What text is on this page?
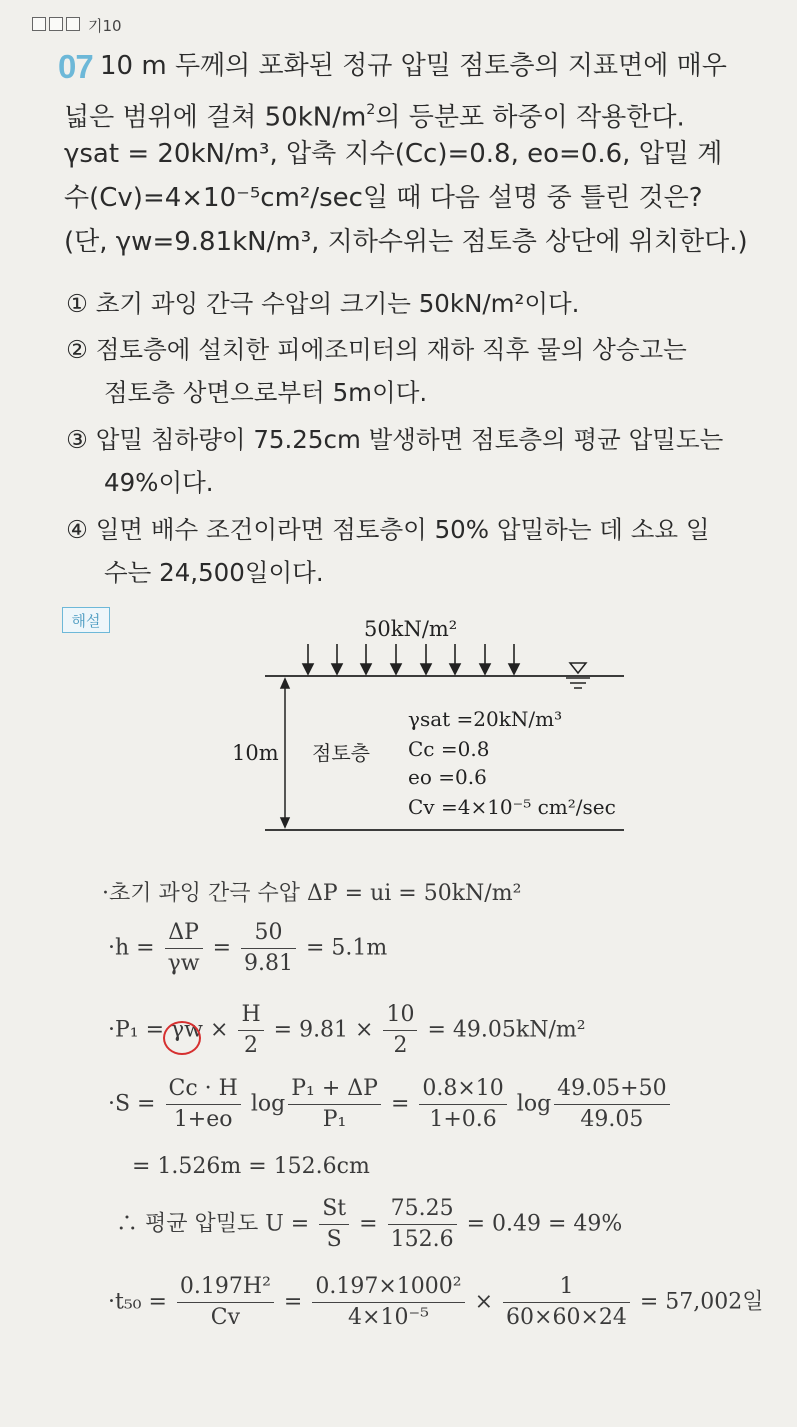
기10
07 10 m 두께의 포화된 정규 압밀 점토층의 지표면에 매우
넓은 범위에 걸쳐 $50kN/m^2$의 등분포 하중이 작용한다.
γsat = 20kN/m³, 압축 지수(Cc)=0.8, eo=0.6, 압밀 계
수(Cv)=4×10⁻⁵cm²/sec일 때 다음 설명 중 틀린 것은?
(단, γw=9.81kN/m³, 지하수위는 점토층 상단에 위치한다.)
① 초기 과잉 간극 수압의 크기는 50kN/m²이다.
② 점토층에 설치한 피에조미터의 재하 직후 물의 상승고는
점토층 상면으로부터 5m이다.
③ 압밀 침하량이 75.25cm 발생하면 점토층의 평균 압밀도는
49%이다.
④ 일면 배수 조건이라면 점토층이 50% 압밀하는 데 소요 일
수는 24,500일이다.
해설	50kN/m²
10m 점토층
γsat =20kN/m³
Cc =0.8
eo =0.6
Cv =4×10⁻⁵ cm²/sec
·초기 과잉 간극 수압 ΔP = ui = 50kN/m²
$\cdot h = \frac{\Delta P}{\gamma w} = \frac{50}{9.81} = 5.1m$
$\cdot P_1 = \gamma w \times \frac{H}{2} = 9.81 \times \frac{10}{2} = 49.05kN/m^2$
$\cdot S = \frac{Cc \cdot H}{1+eo}$ $\log \frac{\text{P₁ + ΔP}}{\text{P₁}} = \frac{0.8\times 10}{1+0.6}$ $\log \frac{49.05+50}{49.05}$
= 1.526m = 152.6cm
∴ 평균 압밀도 $U = \frac{St}{S} = \frac{75.25}{152.6} = 0.49 = 49\%$
$\cdot t_{50} = \frac{\text{0.197H²}}{Cv} = \frac{\text{0.197×1000²}}{\text{4×10⁻⁵}} \times \frac{1}{60\times 60\times 24} = 57,002$일
